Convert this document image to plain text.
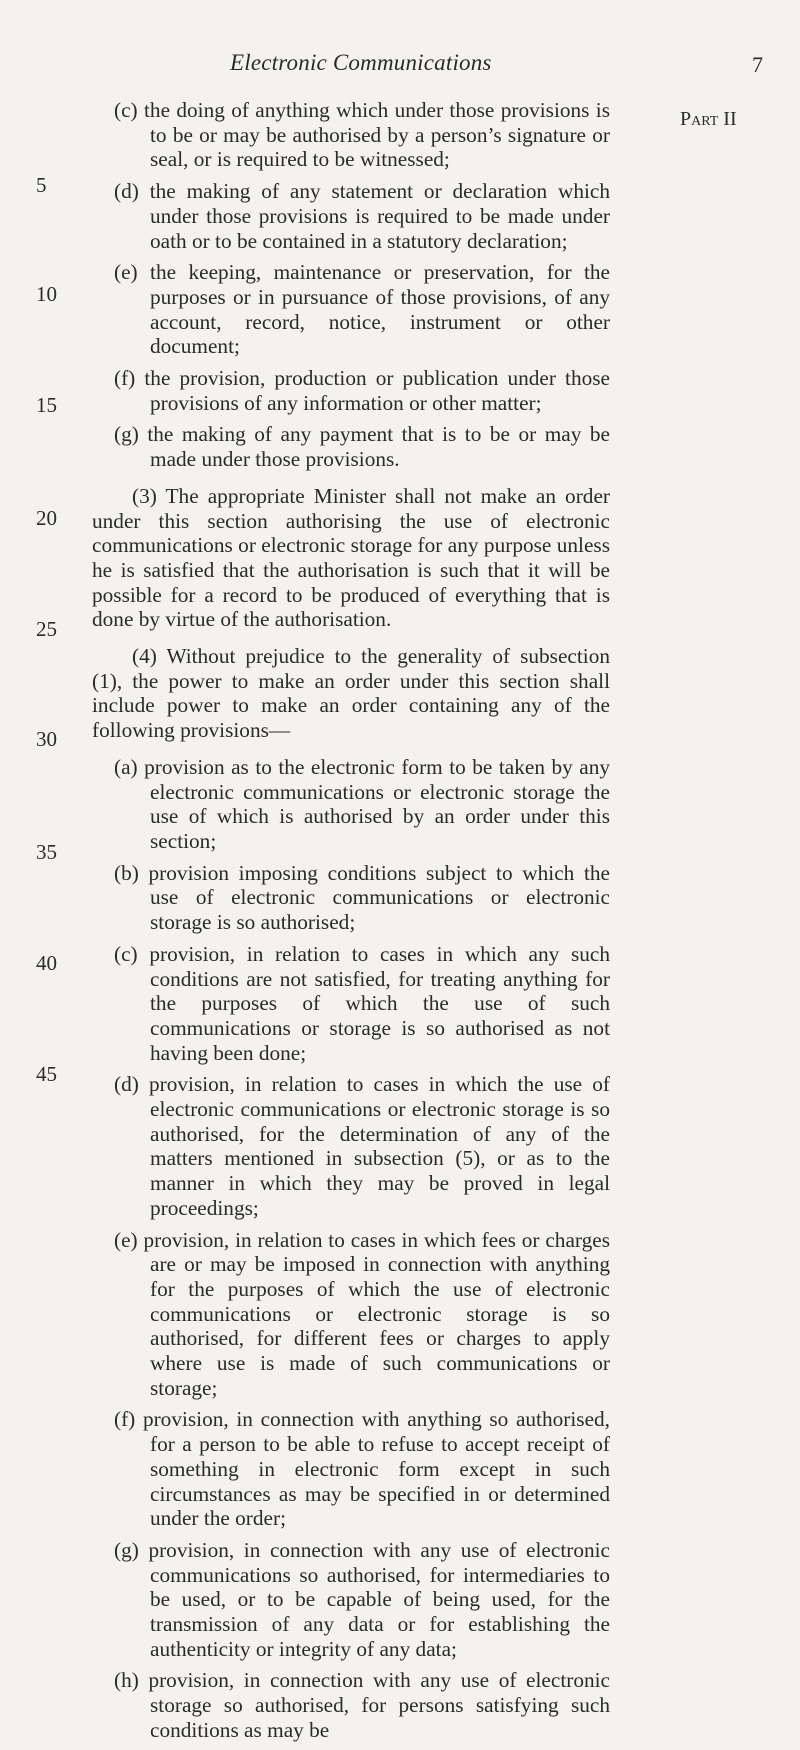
Electronic Communications	7
Part II
5
10
15
20
25
30
35
40
45

(c) the doing of anything which under those provisions is to be or may be authorised by a person’s signature or seal, or is required to be witnessed;

(d) the making of any statement or declaration which under those provisions is required to be made under oath or to be contained in a statutory declaration;

(e) the keeping, maintenance or preservation, for the purposes or in pursuance of those provisions, of any account, record, notice, instrument or other document;

(f) the provision, production or publication under those provisions of any information or other matter;

(g) the making of any payment that is to be or may be made under those provisions.

(3) The appropriate Minister shall not make an order under this section authorising the use of electronic communications or electronic storage for any purpose unless he is satisfied that the authorisation is such that it will be possible for a record to be produced of everything that is done by virtue of the authorisation.

(4) Without prejudice to the generality of subsection (1), the power to make an order under this section shall include power to make an order containing any of the following provisions—

(a) provision as to the electronic form to be taken by any electronic communications or electronic storage the use of which is authorised by an order under this section;

(b) provision imposing conditions subject to which the use of electronic communications or electronic storage is so authorised;

(c) provision, in relation to cases in which any such conditions are not satisfied, for treating anything for the purposes of which the use of such communications or storage is so authorised as not having been done;

(d) provision, in relation to cases in which the use of electronic communications or electronic storage is so authorised, for the determination of any of the matters mentioned in subsection (5), or as to the manner in which they may be proved in legal proceedings;

(e) provision, in relation to cases in which fees or charges are or may be imposed in connection with anything for the purposes of which the use of electronic communications or electronic storage is so authorised, for different fees or charges to apply where use is made of such communications or storage;

(f) provision, in connection with anything so authorised, for a person to be able to refuse to accept receipt of something in electronic form except in such circumstances as may be specified in or determined under the order;

(g) provision, in connection with any use of electronic communications so authorised, for intermediaries to be used, or to be capable of being used, for the transmission of any data or for establishing the authenticity or integrity of any data;

(h) provision, in connection with any use of electronic storage so authorised, for persons satisfying such conditions as may be
